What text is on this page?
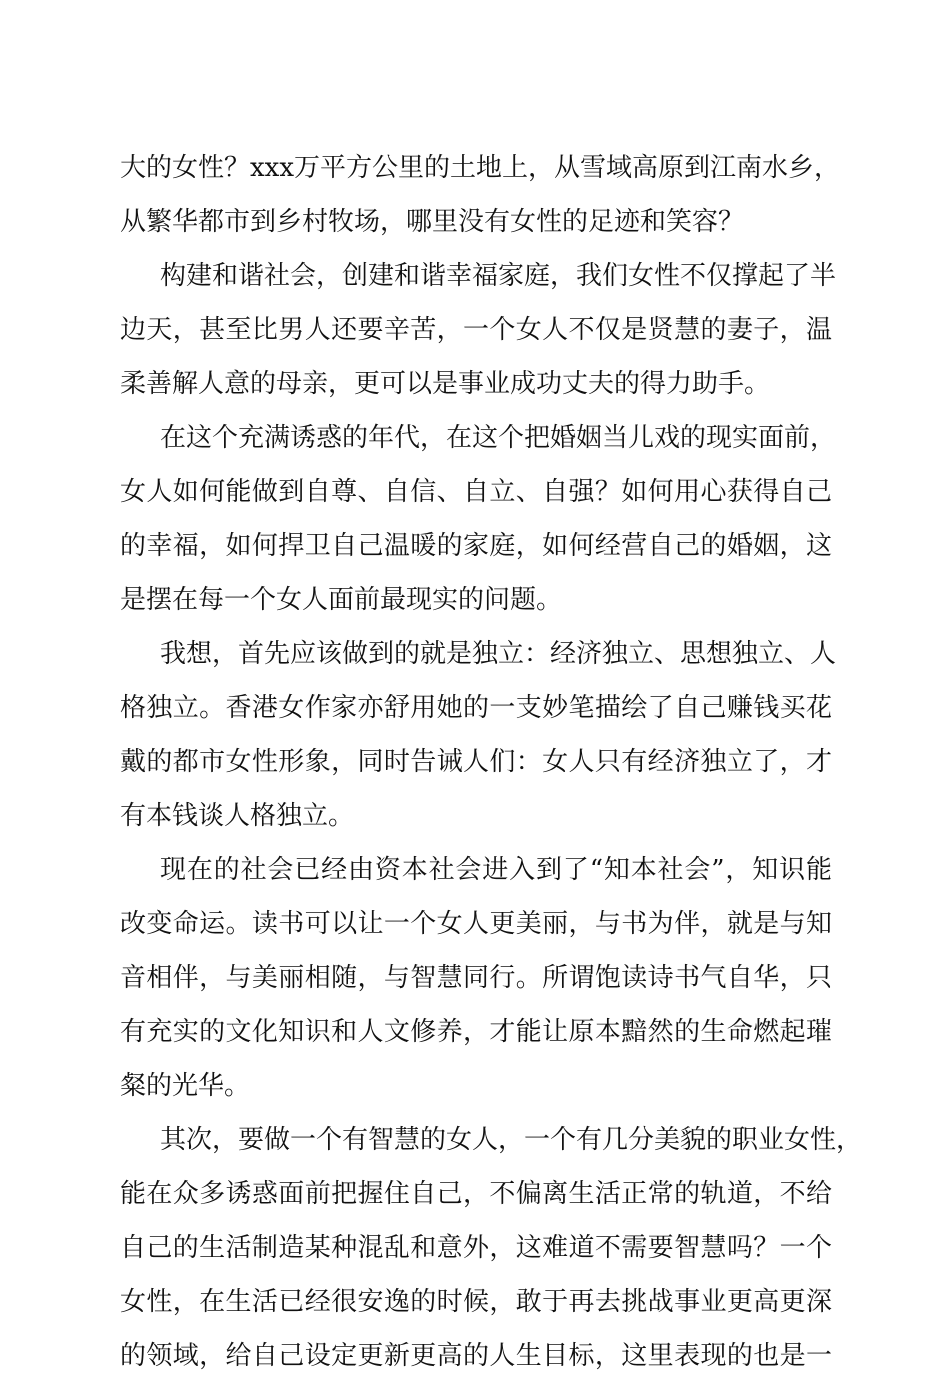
大的女性？xxx万平方公里的土地上，从雪域高原到江南水乡，
从繁华都市到乡村牧场，哪里没有女性的足迹和笑容？
构建和谐社会，创建和谐幸福家庭，我们女性不仅撑起了半
边天，甚至比男人还要辛苦，一个女人不仅是贤慧的妻子，温
柔善解人意的母亲，更可以是事业成功丈夫的得力助手。
在这个充满诱惑的年代，在这个把婚姻当儿戏的现实面前，
女人如何能做到自尊、自信、自立、自强？如何用心获得自己
的幸福，如何捍卫自己温暖的家庭，如何经营自己的婚姻，这
是摆在每一个女人面前最现实的问题。
我想，首先应该做到的就是独立：经济独立、思想独立、人
格独立。香港女作家亦舒用她的一支妙笔描绘了自己赚钱买花
戴的都市女性形象，同时告诫人们：女人只有经济独立了，才
有本钱谈人格独立。
现在的社会已经由资本社会进入到了“知本社会”，知识能
改变命运。读书可以让一个女人更美丽，与书为伴，就是与知
音相伴，与美丽相随，与智慧同行。所谓饱读诗书气自华，只
有充实的文化知识和人文修养，才能让原本黯然的生命燃起璀
粲的光华。
其次，要做一个有智慧的女人，一个有几分美貌的职业女性，
能在众多诱惑面前把握住自己，不偏离生活正常的轨道，不给
自己的生活制造某种混乱和意外，这难道不需要智慧吗？一个
女性，在生活已经很安逸的时候，敢于再去挑战事业更高更深
的领域，给自己设定更新更高的人生目标，这里表现的也是一
